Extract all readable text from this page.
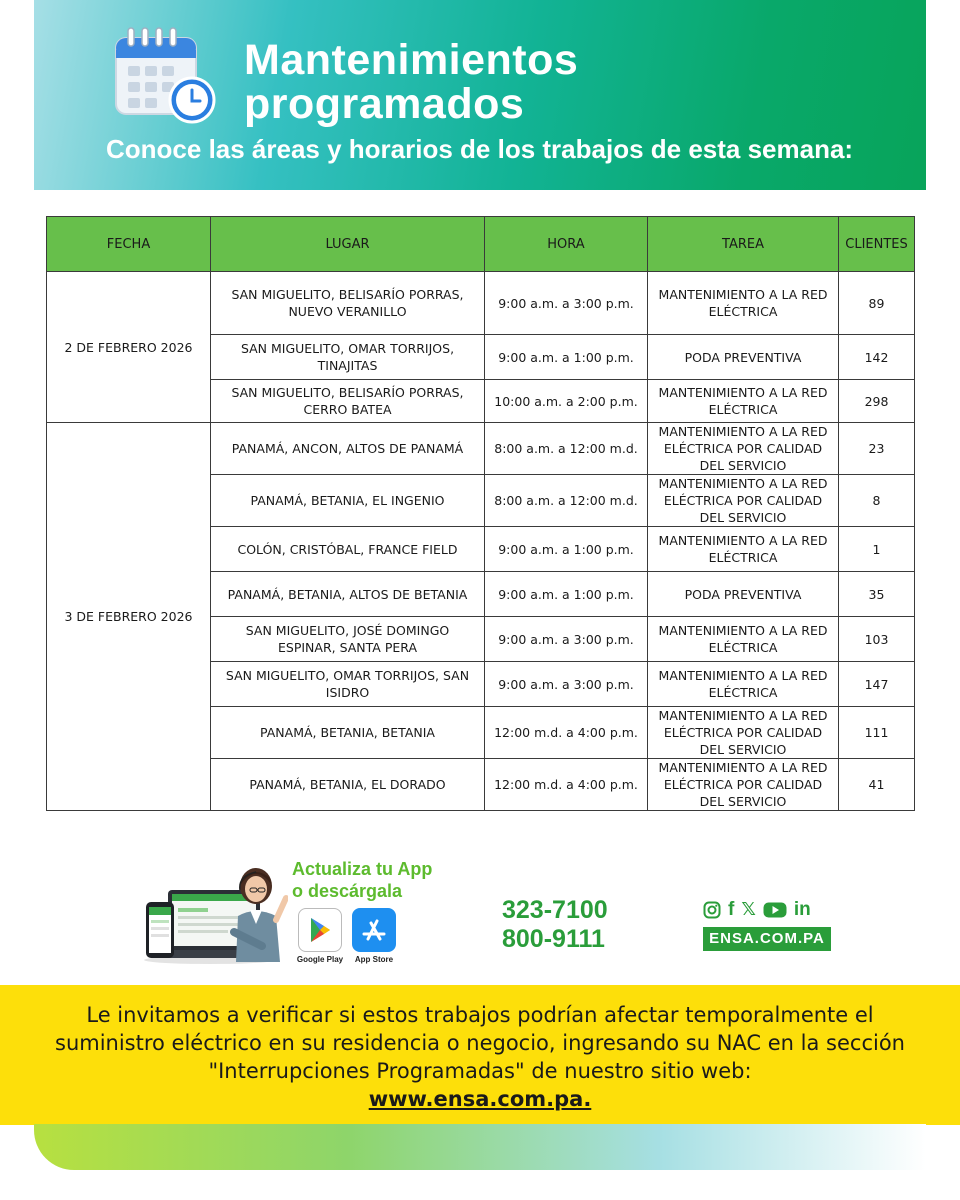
Mantenimientos
programados
Conoce las áreas y horarios de los trabajos de esta semana:
FECHA	LUGAR	HORA	TAREA	CLIENTES
2 DE FEBRERO 2026	SAN MIGUELITO, BELISARÍO PORRAS, NUEVO VERANILLO	9:00 a.m. a 3:00 p.m.	MANTENIMIENTO A LA RED ELÉCTRICA	89
	SAN MIGUELITO, OMAR TORRIJOS, TINAJITAS	9:00 a.m. a 1:00 p.m.	PODA PREVENTIVA	142
	SAN MIGUELITO, BELISARÍO PORRAS, CERRO BATEA	10:00 a.m. a 2:00 p.m.	MANTENIMIENTO A LA RED ELÉCTRICA	298
3 DE FEBRERO 2026	PANAMÁ, ANCON, ALTOS DE PANAMÁ	8:00 a.m. a 12:00 m.d.	MANTENIMIENTO A LA RED ELÉCTRICA POR CALIDAD DEL SERVICIO	23
	PANAMÁ, BETANIA, EL INGENIO	8:00 a.m. a 12:00 m.d.	MANTENIMIENTO A LA RED ELÉCTRICA POR CALIDAD DEL SERVICIO	8
	COLÓN, CRISTÓBAL, FRANCE FIELD	9:00 a.m. a 1:00 p.m.	MANTENIMIENTO A LA RED ELÉCTRICA	1
	PANAMÁ, BETANIA, ALTOS DE BETANIA	9:00 a.m. a 1:00 p.m.	PODA PREVENTIVA	35
	SAN MIGUELITO, JOSÉ DOMINGO ESPINAR, SANTA PERA	9:00 a.m. a 3:00 p.m.	MANTENIMIENTO A LA RED ELÉCTRICA	103
	SAN MIGUELITO, OMAR TORRIJOS, SAN ISIDRO	9:00 a.m. a 3:00 p.m.	MANTENIMIENTO A LA RED ELÉCTRICA	147
	PANAMÁ, BETANIA, BETANIA	12:00 m.d. a 4:00 p.m.	MANTENIMIENTO A LA RED ELÉCTRICA POR CALIDAD DEL SERVICIO	111
	PANAMÁ, BETANIA, EL DORADO	12:00 m.d. a 4:00 p.m.	MANTENIMIENTO A LA RED ELÉCTRICA POR CALIDAD DEL SERVICIO	41
Actualiza tu App
o descárgala
Google Play	App Store
323-7100
800-9111
f 𝕏 in
ENSA.COM.PA

Le invitamos a verificar si estos trabajos podrían afectar temporalmente el suministro eléctrico en su residencia o negocio, ingresando su NAC en la sección "Interrupciones Programadas" de nuestro sitio web:
www.ensa.com.pa.
